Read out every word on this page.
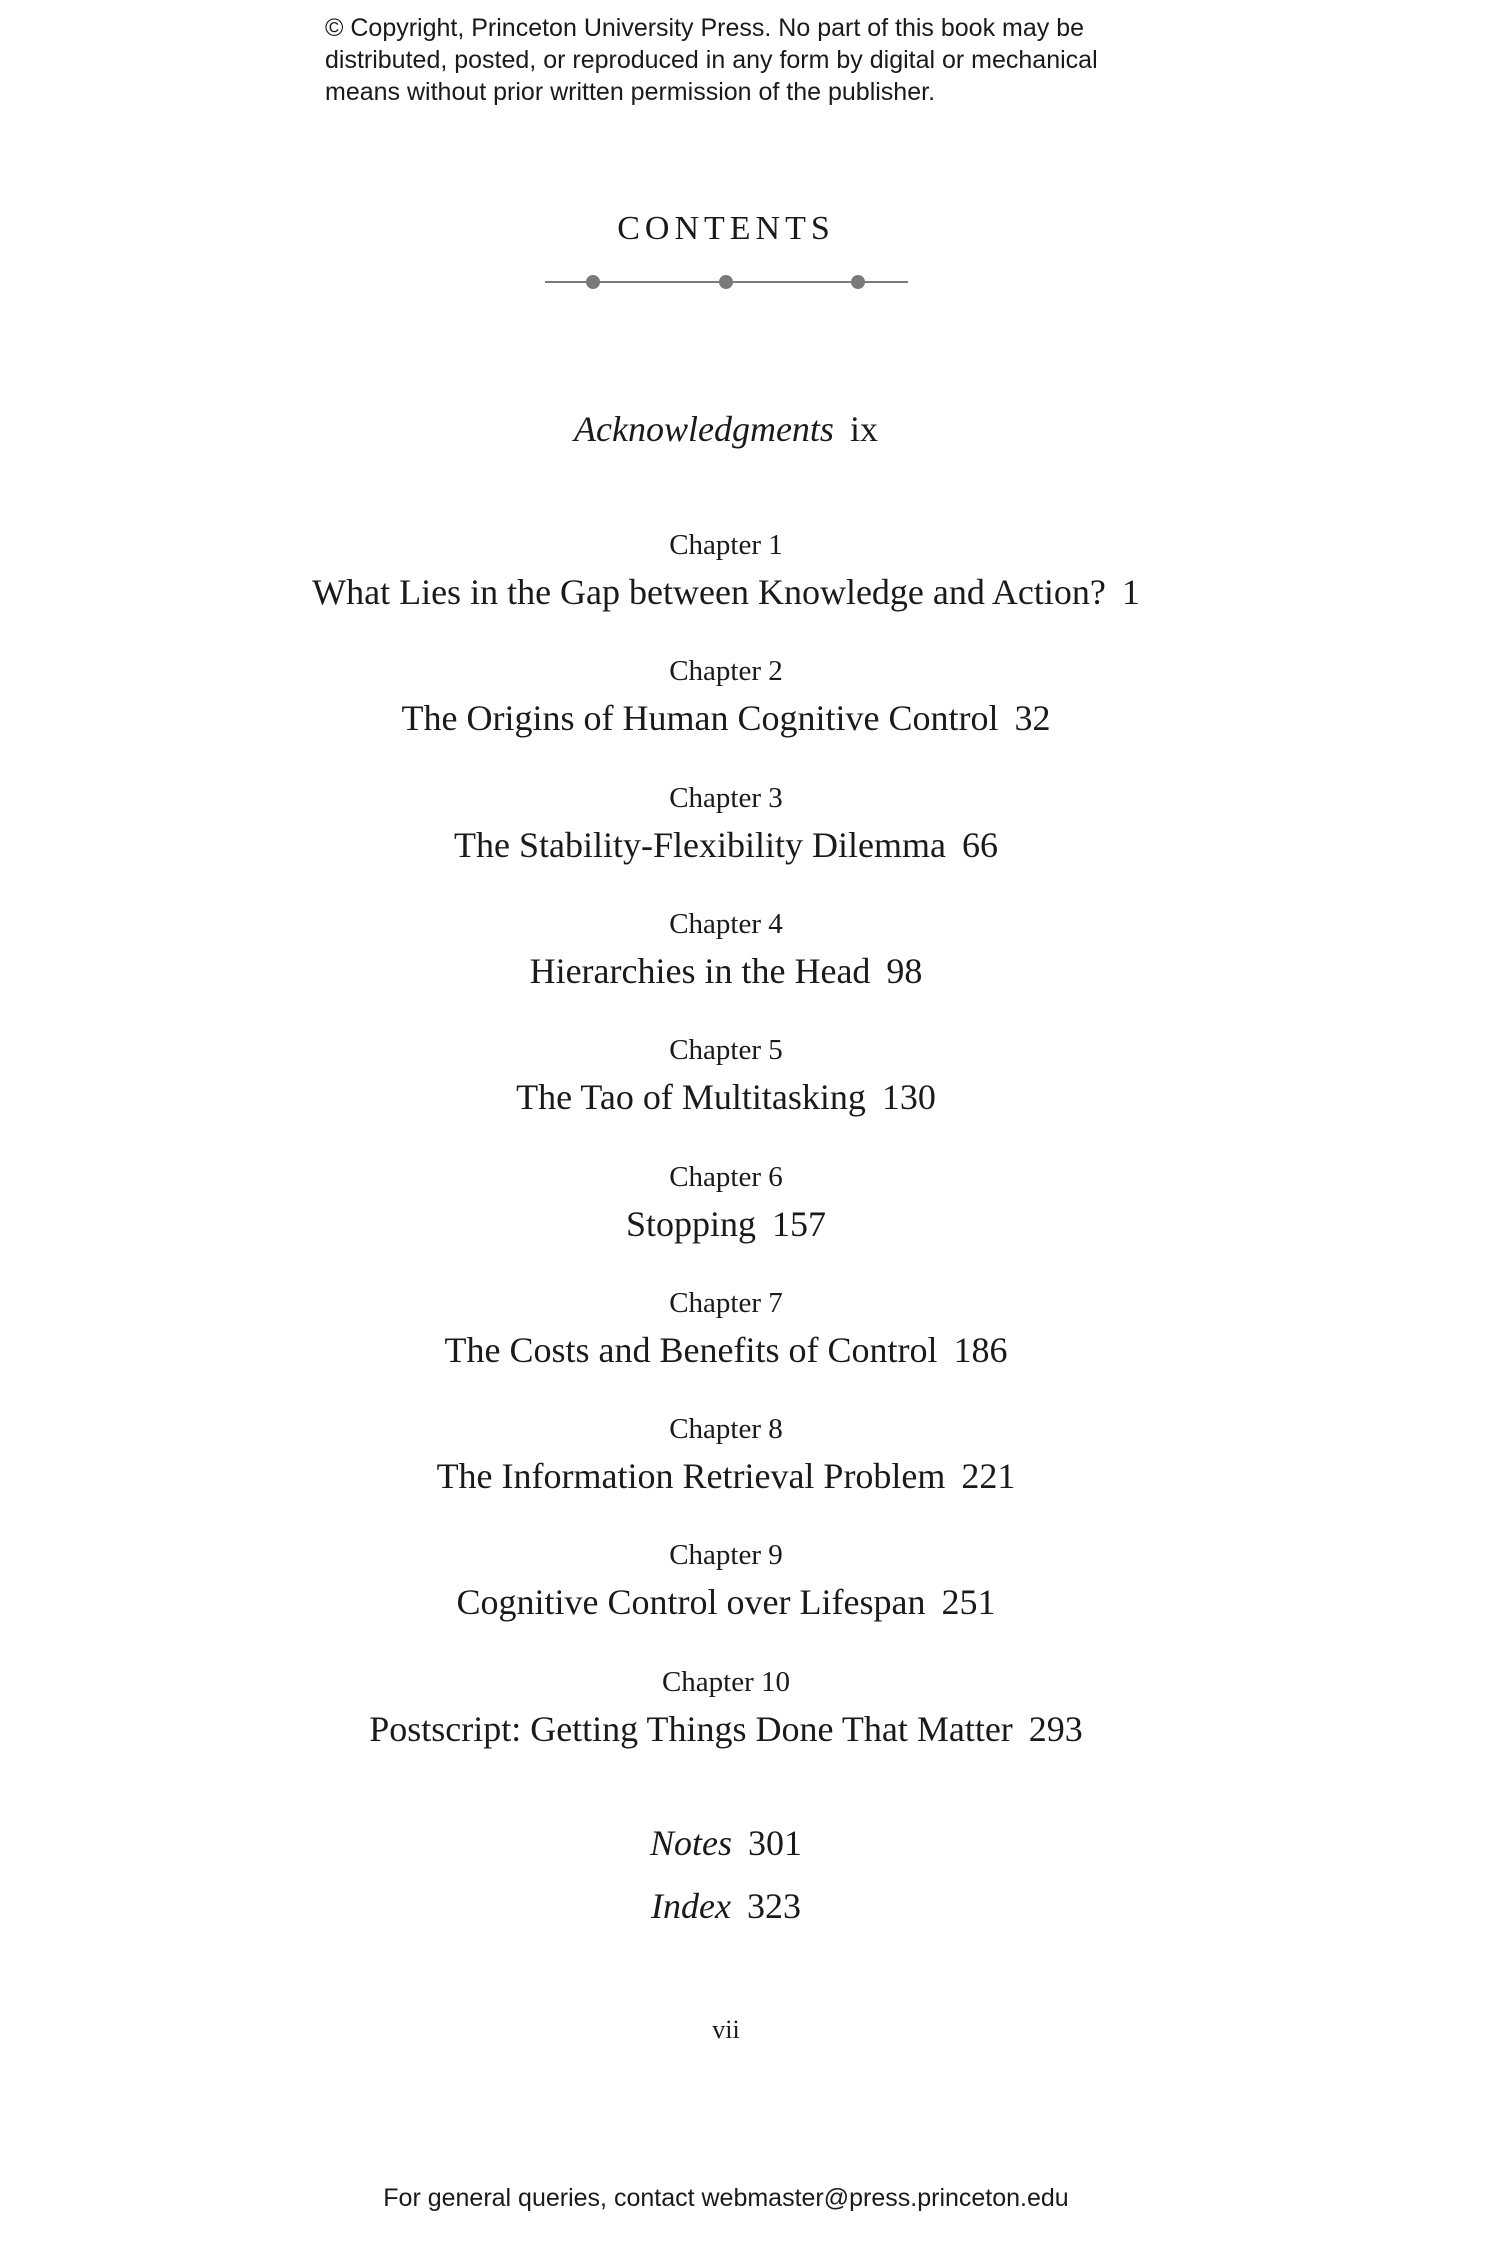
© Copyright, Princeton University Press. No part of this book may be
distributed, posted, or reproduced in any form by digital or mechanical
means without prior written permission of the publisher.
CONTENTS
Acknowledgments ix
Chapter 1
What Lies in the Gap between Knowledge and Action? 1
Chapter 2
The Origins of Human Cognitive Control 32
Chapter 3
The Stability-Flexibility Dilemma 66
Chapter 4
Hierarchies in the Head 98
Chapter 5
The Tao of Multitasking 130
Chapter 6
Stopping 157
Chapter 7
The Costs and Benefits of Control 186
Chapter 8
The Information Retrieval Problem 221
Chapter 9
Cognitive Control over Lifespan 251
Chapter 10
Postscript: Getting Things Done That Matter 293
Notes 301
Index 323
vii
For general queries, contact webmaster@press.princeton.edu
